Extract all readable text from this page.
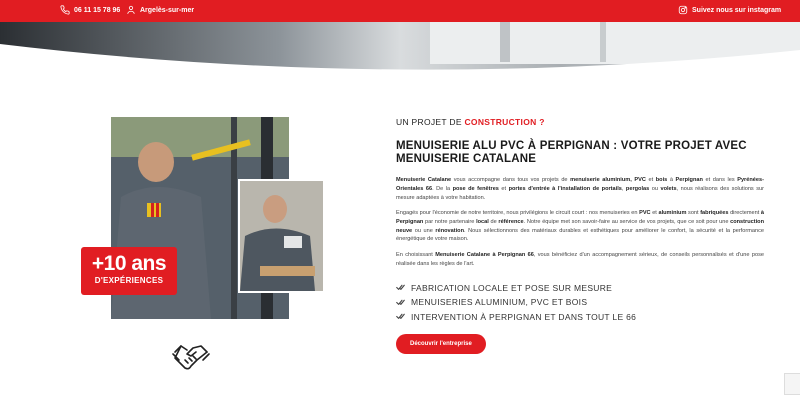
06 11 15 78 96	Argelès-sur-mer	Suivez nous sur instagram
+10 ans
D'EXPÉRIENCES
UN PROJET DE CONSTRUCTION ?
MENUISERIE ALU PVC À PERPIGNAN : VOTRE PROJET AVEC MENUISERIE CATALANE

Menuiserie Catalane vous accompagne dans tous vos projets de menuiserie aluminium, PVC et bois à Perpignan et dans les Pyrénées-Orientales 66. De la pose de fenêtres et portes d'entrée à l'installation de portails, pergolas ou volets, nous réalisons des solutions sur mesure adaptées à votre habitation.

Engagés pour l'économie de notre territoire, nous privilégions le circuit court : nos menuiseries en PVC et aluminium sont fabriquées directement à Perpignan par notre partenaire local de référence. Notre équipe met son savoir-faire au service de vos projets, que ce soit pour une construction neuve ou une rénovation. Nous sélectionnons des matériaux durables et esthétiques pour améliorer le confort, la sécurité et la performance énergétique de votre maison.

En choisissant Menuiserie Catalane à Perpignan 66, vous bénéficiez d'un accompagnement sérieux, de conseils personnalisés et d'une pose réalisée dans les règles de l'art.

FABRICATION LOCALE ET POSE SUR MESURE
MENUISERIES ALUMINIUM, PVC ET BOIS
INTERVENTION À PERPIGNAN ET DANS TOUT LE 66
Découvrir l'entreprise
